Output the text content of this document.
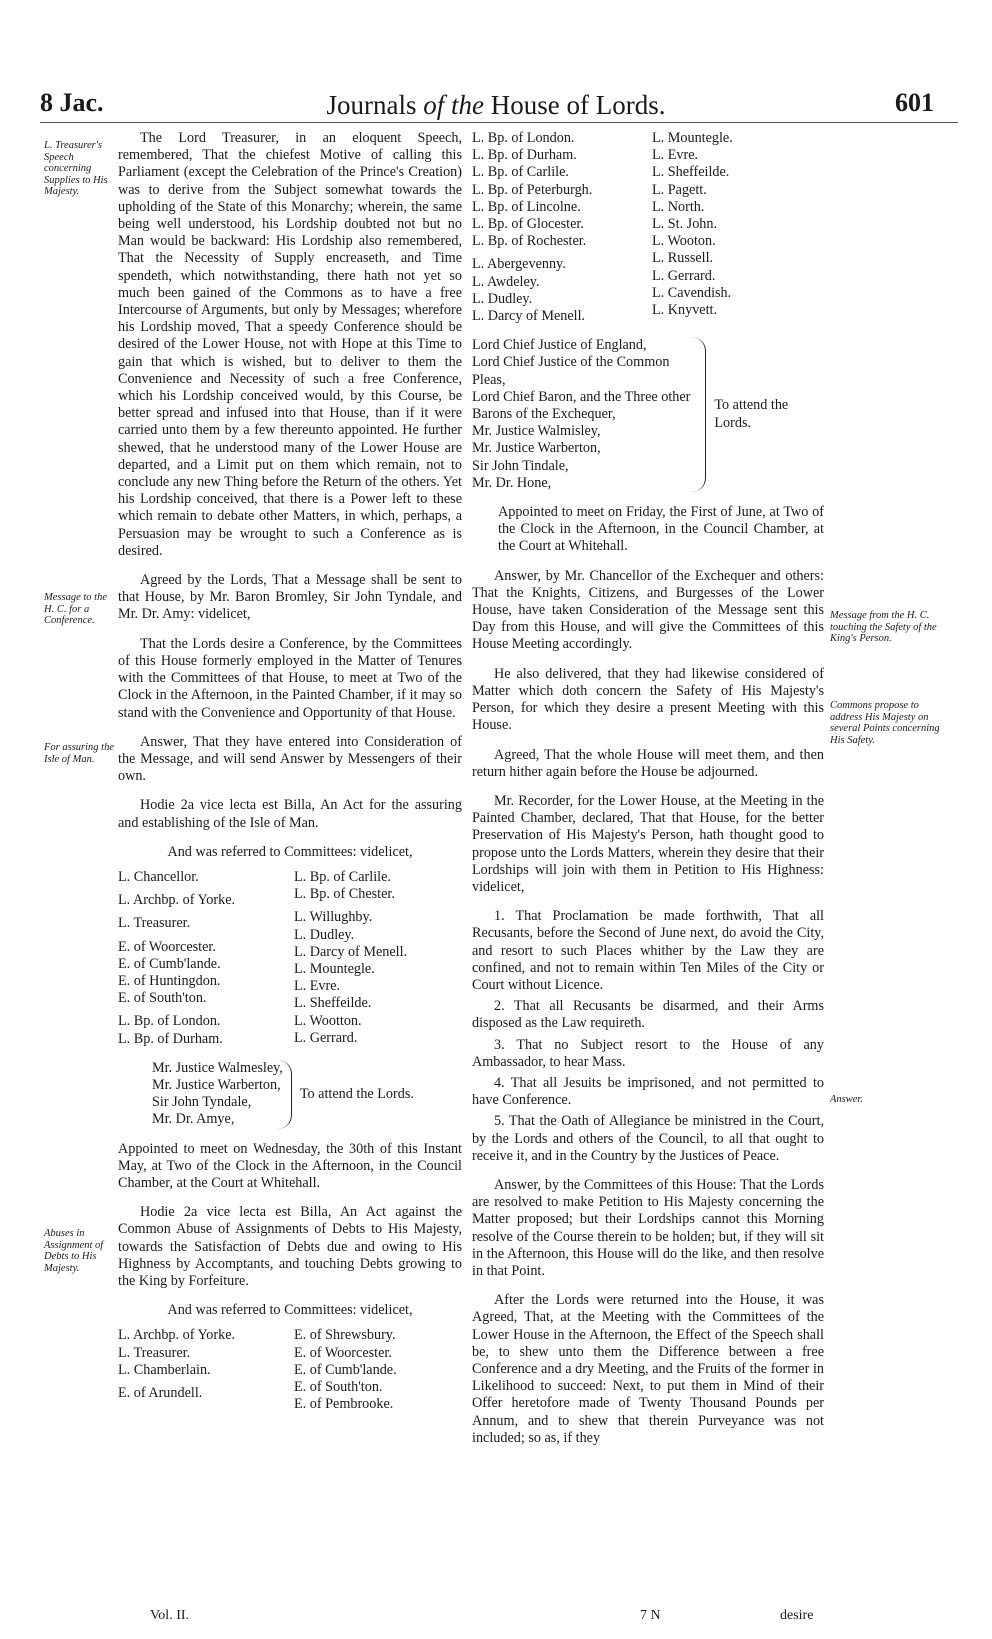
8 Jac.	Journals of the House of Lords.	601
L. Treasurer's Speech concerning Supplies to His Majesty.
Message to the H. C. for a Conference.
For assuring the Isle of Man.
Abuses in Assignment of Debts to His Majesty.
Message from the H. C. touching the Safety of the King's Person.
Commons propose to address His Majesty on several Points concerning His Safety.
Answer.

The Lord Treasurer, in an eloquent Speech, remembered, That the chiefest Motive of calling this Parliament (except the Celebration of the Prince's Creation) was to derive from the Subject somewhat towards the upholding of the State of this Monarchy; wherein, the same being well understood, his Lordship doubted not but no Man would be backward: His Lordship also remembered, That the Necessity of Supply encreaseth, and Time spendeth, which notwithstanding, there hath not yet so much been gained of the Commons as to have a free Intercourse of Arguments, but only by Messages; wherefore his Lordship moved, That a speedy Conference should be desired of the Lower House, not with Hope at this Time to gain that which is wished, but to deliver to them the Convenience and Necessity of such a free Conference, which his Lordship conceived would, by this Course, be better spread and infused into that House, than if it were carried unto them by a few thereunto appointed. He further shewed, that he understood many of the Lower House are departed, and a Limit put on them which remain, not to conclude any new Thing before the Return of the others. Yet his Lordship conceived, that there is a Power left to these which remain to debate other Matters, in which, perhaps, a Persuasion may be wrought to such a Conference as is desired.

Agreed by the Lords, That a Message shall be sent to that House, by Mr. Baron Bromley, Sir John Tyndale, and Mr. Dr. Amy: videlicet,

That the Lords desire a Conference, by the Committees of this House formerly employed in the Matter of Tenures with the Committees of that House, to meet at Two of the Clock in the Afternoon, in the Painted Chamber, if it may so stand with the Convenience and Opportunity of that House.

Answer, That they have entered into Consideration of the Message, and will send Answer by Messengers of their own.

Hodie 2a vice lecta est Billa, An Act for the assuring and establishing of the Isle of Man.

And was referred to Committees: videlicet,
L. Chancellor.
L. Archbp. of Yorke.
L. Treasurer.
E. of Woorcester.
E. of Cumb'lande.
E. of Huntingdon.
E. of South'ton.
L. Bp. of London.
L. Bp. of Durham.
L. Bp. of Carlile.
L. Bp. of Chester.
L. Willughby.
L. Dudley.
L. Darcy of Menell.
L. Mountegle.
L. Evre.
L. Sheffeilde.
L. Wootton.
L. Gerrard.
Mr. Justice Walmesley,
Mr. Justice Warberton,
Sir John Tyndale,
Mr. Dr. Amye,
To attend the Lords.

Appointed to meet on Wednesday, the 30th of this Instant May, at Two of the Clock in the Afternoon, in the Council Chamber, at the Court at Whitehall.

Hodie 2a vice lecta est Billa, An Act against the Common Abuse of Assignments of Debts to His Majesty, towards the Satisfaction of Debts due and owing to His Highness by Accomptants, and touching Debts growing to the King by Forfeiture.

And was referred to Committees: videlicet,
L. Archbp. of Yorke.
L. Treasurer.
L. Chamberlain.
E. of Arundell.
E. of Shrewsbury.
E. of Woorcester.
E. of Cumb'lande.
E. of South'ton.
E. of Pembrooke.
L. Bp. of London.
L. Bp. of Durham.
L. Bp. of Carlile.
L. Bp. of Peterburgh.
L. Bp. of Lincolne.
L. Bp. of Glocester.
L. Bp. of Rochester.
L. Abergevenny.
L. Awdeley.
L. Dudley.
L. Darcy of Menell.
L. Mountegle.
L. Evre.
L. Sheffeilde.
L. Pagett.
L. North.
L. St. John.
L. Wooton.
L. Russell.
L. Gerrard.
L. Cavendish.
L. Knyvett.
Lord Chief Justice of England,
Lord Chief Justice of the Common Pleas,
Lord Chief Baron, and the Three other
Barons of the Exchequer,
Mr. Justice Walmisley,
Mr. Justice Warberton,
Sir John Tindale,
Mr. Dr. Hone,
To attend the Lords.

Appointed to meet on Friday, the First of June, at Two of the Clock in the Afternoon, in the Council Chamber, at the Court at Whitehall.

Answer, by Mr. Chancellor of the Exchequer and others: That the Knights, Citizens, and Burgesses of the Lower House, have taken Consideration of the Message sent this Day from this House, and will give the Committees of this House Meeting accordingly.

He also delivered, that they had likewise considered of Matter which doth concern the Safety of His Majesty's Person, for which they desire a present Meeting with this House.

Agreed, That the whole House will meet them, and then return hither again before the House be adjourned.

Mr. Recorder, for the Lower House, at the Meeting in the Painted Chamber, declared, That that House, for the better Preservation of His Majesty's Person, hath thought good to propose unto the Lords Matters, wherein they desire that their Lordships will join with them in Petition to His Highness: videlicet,

1. That Proclamation be made forthwith, That all Recusants, before the Second of June next, do avoid the City, and resort to such Places whither by the Law they are confined, and not to remain within Ten Miles of the City or Court without Licence.

2. That all Recusants be disarmed, and their Arms disposed as the Law requireth.

3. That no Subject resort to the House of any Ambassador, to hear Mass.

4. That all Jesuits be imprisoned, and not permitted to have Conference.

5. That the Oath of Allegiance be ministred in the Court, by the Lords and others of the Council, to all that ought to receive it, and in the Country by the Justices of Peace.

Answer, by the Committees of this House: That the Lords are resolved to make Petition to His Majesty concerning the Matter proposed; but their Lordships cannot this Morning resolve of the Course therein to be holden; but, if they will sit in the Afternoon, this House will do the like, and then resolve in that Point.

After the Lords were returned into the House, it was Agreed, That, at the Meeting with the Committees of the Lower House in the Afternoon, the Effect of the Speech shall be, to shew unto them the Difference between a free Conference and a dry Meeting, and the Fruits of the former in Likelihood to succeed: Next, to put them in Mind of their Offer heretofore made of Twenty Thousand Pounds per Annum, and to shew that therein Purveyance was not included; so as, if they

Vol. II.	7 N	desire
